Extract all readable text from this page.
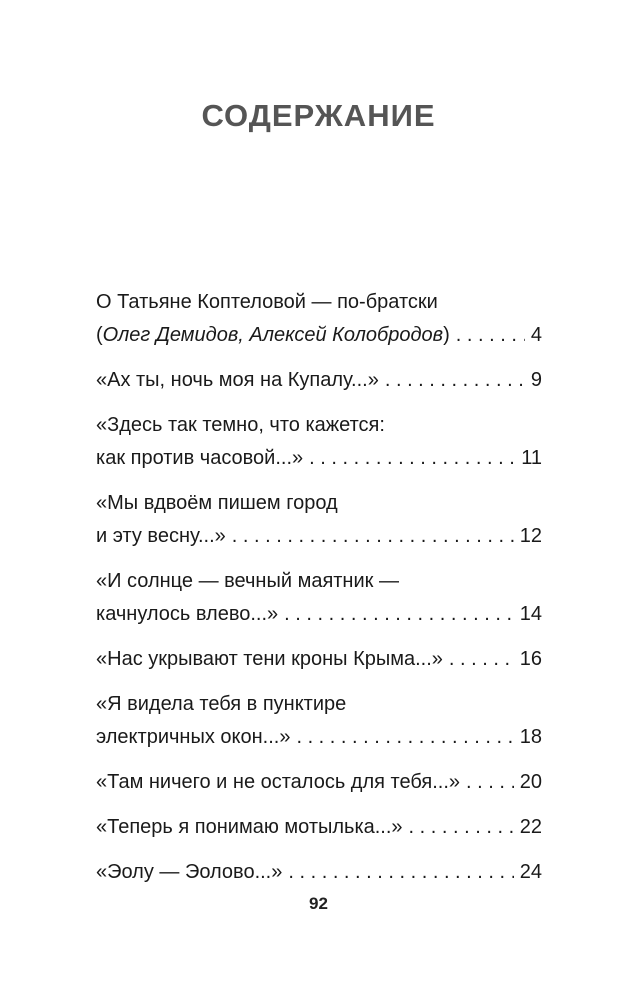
СОДЕРЖАНИЕ
О Татьяне Коптеловой — по-братски
(Олег Демидов, Алексей Колобродов) . . .	4
«Ах ты, ночь моя на Купалу...» . . .	9
«Здесь так темно, что кажется:
как против часовой...» . . .	11
«Мы вдвоём пишем город
и эту весну...» . . .	12
«И солнце — вечный маятник —
качнулось влево...» . . .	14
«Нас укрывают тени кроны Крыма...» . . .	16
«Я видела тебя в пунктире
электричных окон...» . . .	18
«Там ничего и не осталось для тебя...» . . .	20
«Теперь я понимаю мотылька...» . . .	22
«Эолу — Эолово...» . . .	24
92
